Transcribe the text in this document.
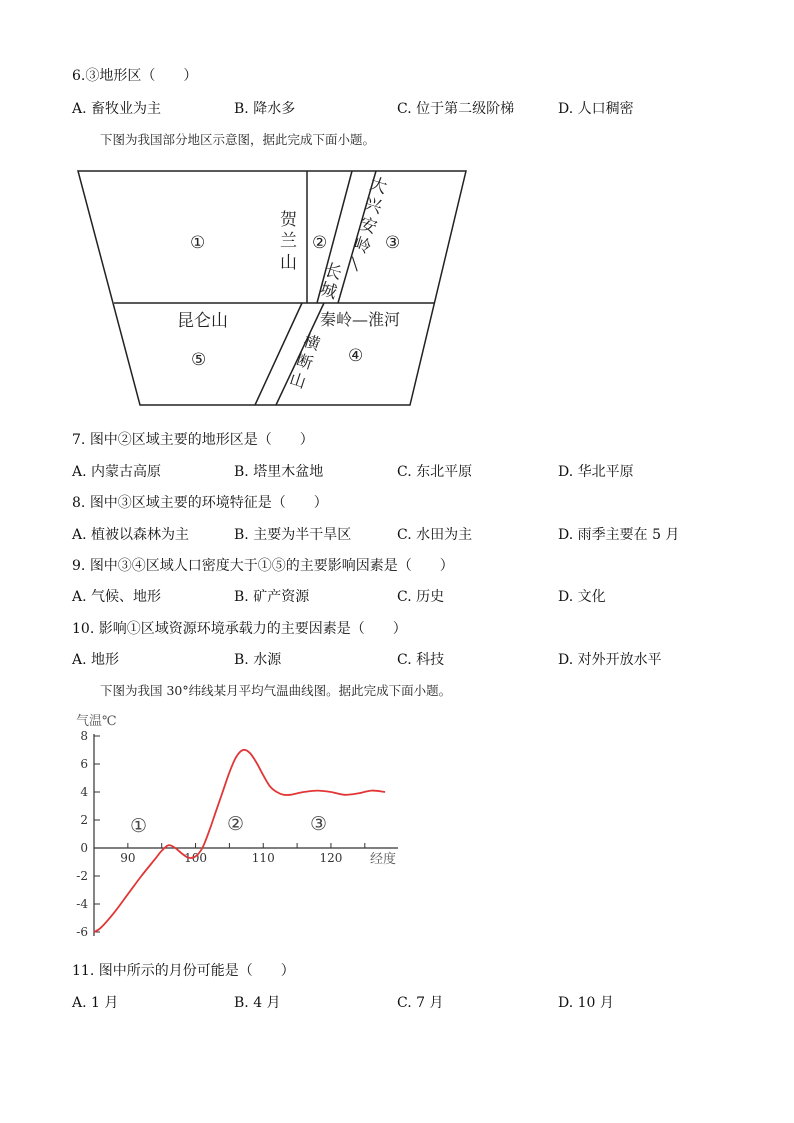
6.③地形区（　　）
A. 畜牧业为主	B. 降水多	C. 位于第二级阶梯	D. 人口稠密
下图为我国部分地区示意图，据此完成下面小题。
①	②	③
④
⑤
贺
兰
山
大
兴
安
岭
—
长
城
昆仑山	秦岭—淮河
横
断
山
7. 图中②区域主要的地形区是（　　）
A. 内蒙古高原	B. 塔里木盆地	C. 东北平原	D. 华北平原
8. 图中③区域主要的环境特征是（　　）
A. 植被以森林为主	B. 主要为半干旱区	C. 水田为主	D. 雨季主要在 5 月
9. 图中③④区域人口密度大于①⑤的主要影响因素是（　　）
A. 气候、地形	B. 矿产资源	C. 历史	D. 文化
10. 影响①区域资源环境承载力的主要因素是（　　）
A. 地形	B. 水源	C. 科技	D. 对外开放水平
下图为我国 30°纬线某月平均气温曲线图。据此完成下面小题。
气温℃
经度
8
6
4
2
0
-2
-4
-6
90	100	110	120
①	②	③
11. 图中所示的月份可能是（　　）
A. 1 月	B. 4 月	C. 7 月	D. 10 月
